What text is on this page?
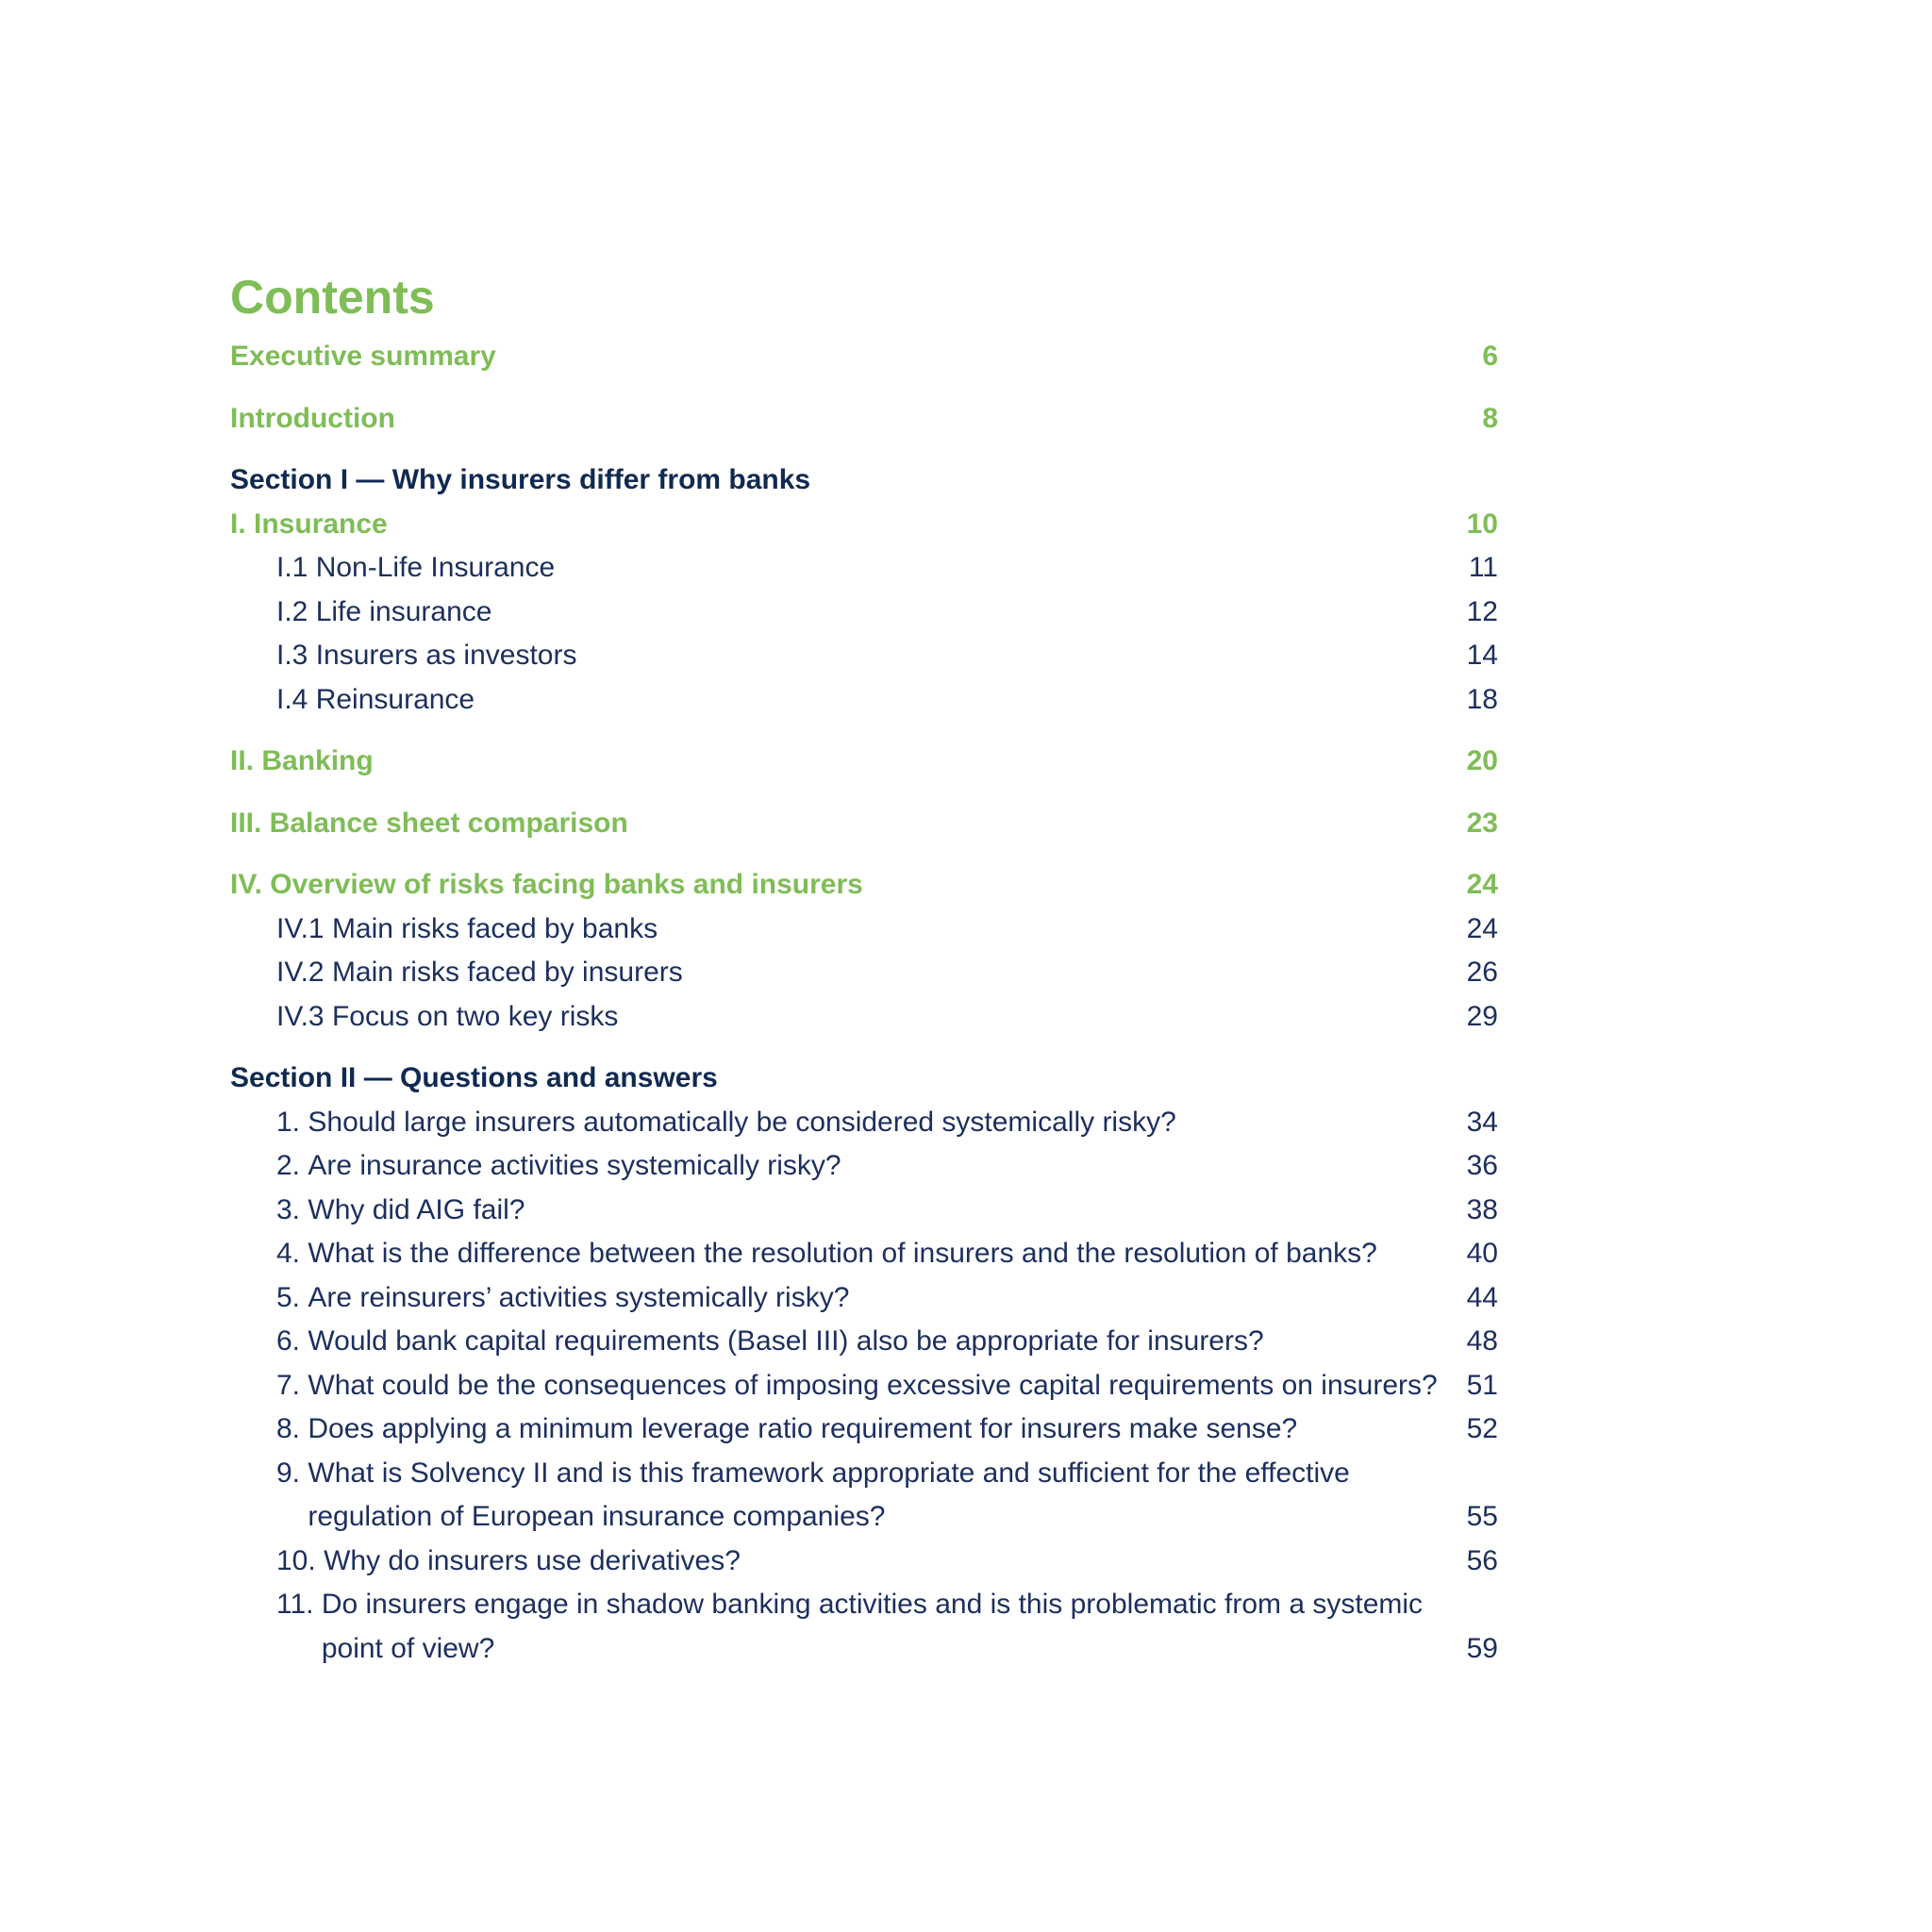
Contents
Executive summary	6
Introduction	8
Section I — Why insurers differ from banks
I. Insurance	10
I.1 Non-Life Insurance	11
I.2 Life insurance	12
I.3 Insurers as investors	14
I.4 Reinsurance	18
II. Banking	20
III. Balance sheet comparison	23
IV. Overview of risks facing banks and insurers	24
IV.1 Main risks faced by banks	24
IV.2 Main risks faced by insurers	26
IV.3 Focus on two key risks	29
Section II — Questions and answers
1.
Should large insurers automatically be considered systemically risky?	34
2.
Are insurance activities systemically risky?	36
3.
Why did AIG fail?	38
4.
What is the difference between the resolution of insurers and the resolution of banks?	40
5.
Are reinsurers’ activities systemically risky?	44
6.
Would bank capital requirements (Basel III) also be appropriate for insurers?	48
7.
What could be the consequences of imposing excessive capital requirements on insurers?	51
8.
Does applying a minimum leverage ratio requirement for insurers make sense?	52
9.
What is Solvency II and is this framework appropriate and sufficient for the effective
regulation of European insurance companies?	55
10.
Why do insurers use derivatives?	56
11.
Do insurers engage in shadow banking activities and is this problematic from a systemic
point of view?	59
